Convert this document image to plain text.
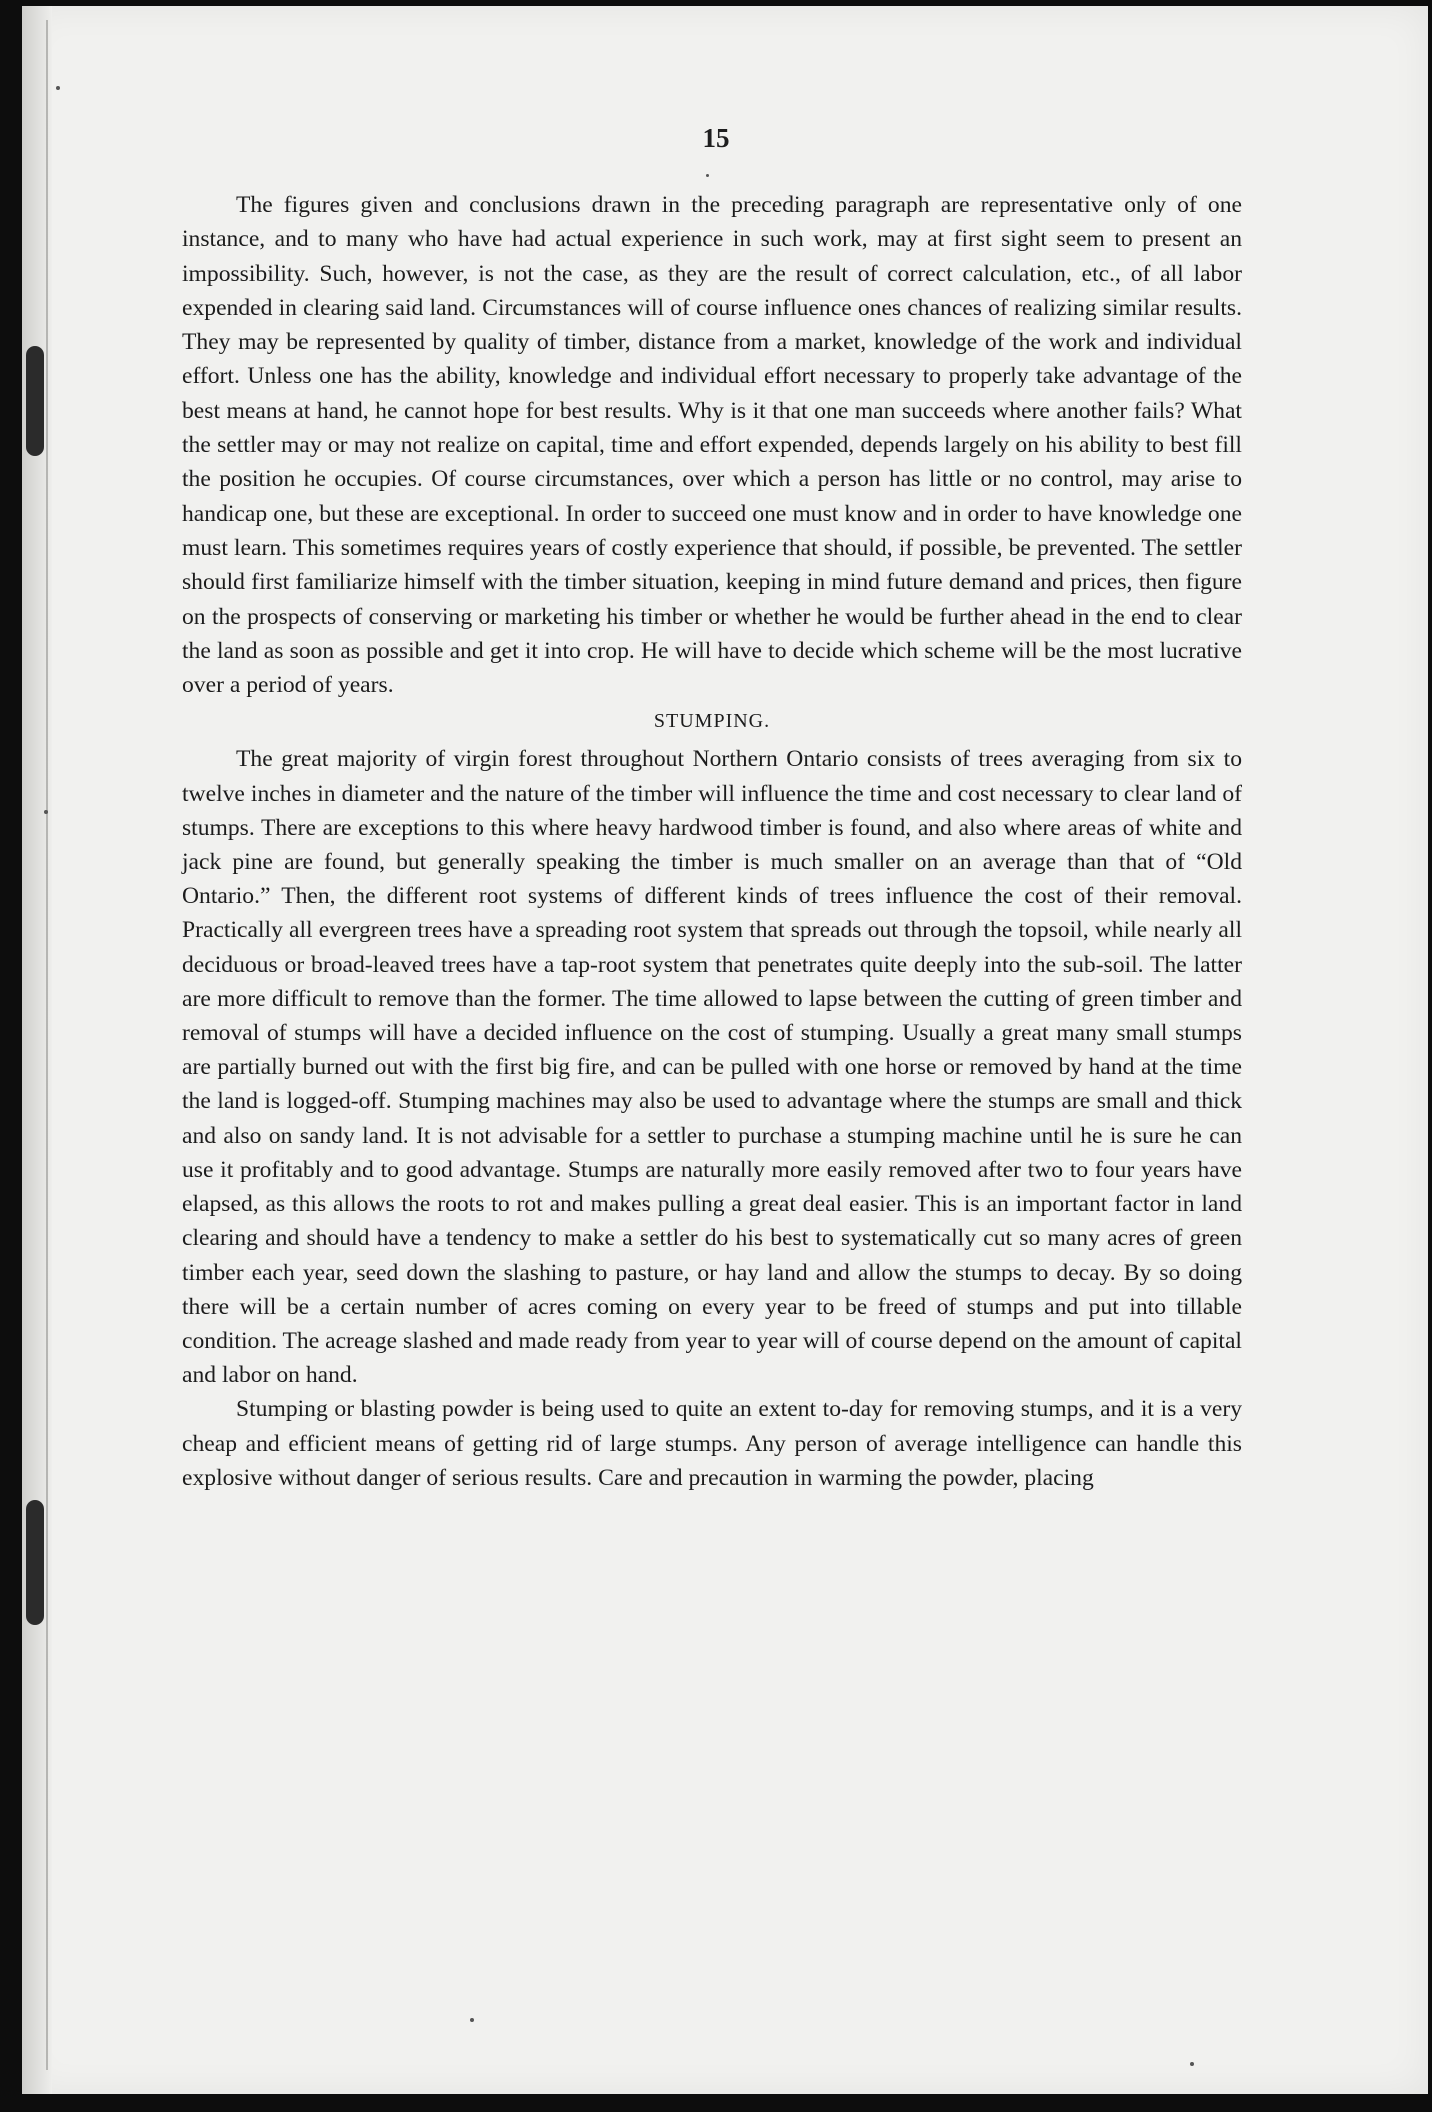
15

The figures given and conclusions drawn in the preceding paragraph are representative only of one instance, and to many who have had actual experience in such work, may at first sight seem to present an impossibility. Such, however, is not the case, as they are the result of correct calculation, etc., of all labor expended in clearing said land. Circumstances will of course influence ones chances of realizing similar results. They may be represented by quality of timber, distance from a market, knowledge of the work and individual effort. Unless one has the ability, knowledge and individual effort necessary to properly take advantage of the best means at hand, he cannot hope for best results. Why is it that one man succeeds where another fails? What the settler may or may not realize on capital, time and effort expended, depends largely on his ability to best fill the position he occupies. Of course circumstances, over which a person has little or no control, may arise to handicap one, but these are exceptional. In order to succeed one must know and in order to have knowledge one must learn. This sometimes requires years of costly experience that should, if possible, be prevented. The settler should first familiarize himself with the timber situation, keeping in mind future demand and prices, then figure on the prospects of conserving or marketing his timber or whether he would be further ahead in the end to clear the land as soon as possible and get it into crop. He will have to decide which scheme will be the most lucrative over a period of years.

STUMPING.

The great majority of virgin forest throughout Northern Ontario consists of trees averaging from six to twelve inches in diameter and the nature of the timber will influence the time and cost necessary to clear land of stumps. There are exceptions to this where heavy hardwood timber is found, and also where areas of white and jack pine are found, but generally speaking the timber is much smaller on an average than that of “Old Ontario.” Then, the different root systems of different kinds of trees influence the cost of their removal. Practically all evergreen trees have a spreading root system that spreads out through the topsoil, while nearly all deciduous or broad-leaved trees have a tap-root system that penetrates quite deeply into the sub-soil. The latter are more difficult to remove than the former. The time allowed to lapse between the cutting of green timber and removal of stumps will have a decided influence on the cost of stumping. Usually a great many small stumps are partially burned out with the first big fire, and can be pulled with one horse or removed by hand at the time the land is logged-off. Stumping machines may also be used to advantage where the stumps are small and thick and also on sandy land. It is not advisable for a settler to purchase a stumping machine until he is sure he can use it profitably and to good advantage. Stumps are naturally more easily removed after two to four years have elapsed, as this allows the roots to rot and makes pulling a great deal easier. This is an important factor in land clearing and should have a tendency to make a settler do his best to systematically cut so many acres of green timber each year, seed down the slashing to pasture, or hay land and allow the stumps to decay. By so doing there will be a certain number of acres coming on every year to be freed of stumps and put into tillable condition. The acreage slashed and made ready from year to year will of course depend on the amount of capital and labor on hand.

Stumping or blasting powder is being used to quite an extent to-day for removing stumps, and it is a very cheap and efficient means of getting rid of large stumps. Any person of average intelligence can handle this explosive without danger of serious results. Care and precaution in warming the powder, placing
